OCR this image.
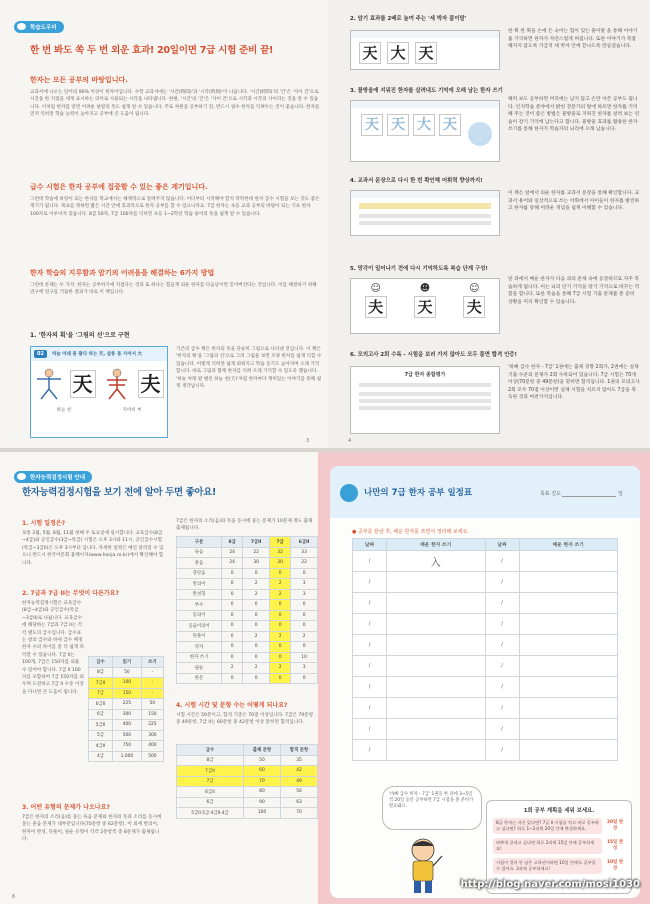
학습도우미
한 번 봐도 쏙 두 번 외운 효과! 20일이면 7급 시험 준비 끝!
한자는 모든 공부의 바탕입니다.
교과서에 나오는 단어의 90% 이상이 한자어입니다. 수학 교과서에는 '시간(時間)'과 '시각(時刻)'이 나옵니다. '시간(時間)'의 '간'은 '사이 간'으로 시간을 한 지점을 세게 표시하는 의미로 사용되는 시각을 나타냅니다. 한편, '시간'의 '간'은 '사이 간'으로 시각과 시각의 사이라는 것을 알 수 있습니다. 이처럼 한자를 알면 어려운 낱말의 뜻도 쉽게 알 수 있습니다. 주로 차원을 공부하기 전, 반드시 필수 한자를 익혀두는 것이 좋습니다. 한자를 먼저 익히면 학습 능력이 높아지고 공부에 큰 도움이 됩니다.
급수 시험은 한자 공부에 집중할 수 있는 좋은 계기입니다.
그런데 학습에 바탕이 되는 한자를 학교에서는 체계적으로 알려주지 않습니다. 어디부터 시작해야 할지 막막한데 한자 급수 시험을 보는 것도 좋은 계기가 됩니다. 목표를 정하면 짧은 시간 안에 효과적으로 한자 공부를 할 수 있으니까요. 7급 한자는 초등 교과 공부의 바탕이 되는 기초 한자 100자로 이루어져 있습니다. 8급 50자, 7급 100자를 익히면 초등 1~2학년 학습 용어의 뜻을 쉽게 알 수 있습니다.
한자 학습의 지루함과 암기의 어려움을 해결하는 6가지 방법
그런데 문제는 두 가지. 한자는 공부하기에 지겹다는 것과 또 하나는 힘들게 외운 한자를 다음날이면 잊어버린다는 것입니다. 이를 해결하기 위해 연구에 연구를 거듭한 결과가 바로 이 책입니다.
1. '한자의 획'을 '그림의 선'으로 구현
02	하늘 아래 몸 팔다 하는 天, 살롱 몸 지어서 大
天 夫
하늘 천	지아비 부
기존의 급수 책은 한자의 뜻을 단순히 그림으로 나타낸 것입니다. 이 책은 '한자의 획'을 '그림의 선'으로 그려 그림을 보면 모양 한자를 쉽게 익힐 수 있습니다. 이렇게 익히면 쉽게 외워지고 학습 동기도 높아지며 오래 기억합니다. 바로 그림과 함께 한자를 익혀 오래 기억할 수 있도록 했습니다. '하늘 아래 팔 벌린 하늘 천(天)'처럼 한자마다 재미있는 이야기를 통해 쉽게 생각납니다.
3
2. 암기 효과를 2배로 높여 주는 '세 박자 풀이말'
天 大 天
한 획 한 획을 손에 든 숙어는 힘이 있는 풀이말 을 통해 이야기를 기억하면 한자가 자연스럽게 써집니다. 또한 이야기가 복잡해지지 않도록 가급적 세 박자 안에 끝나도록 만들었습니다.
3. 물방울에 지워진 한자를 살려내도 기억에 오래 남는 한자 쓰기
天 天 大 天
해커 보도 공부하면 머리에는 남지 않고 손만 아픈 공부도 됩니다. 인지학습 분야에서 밝힌 전문가의 말에 따르면 한자를 기억해 주는 것이 좋은 방법은 물방울로 지워진 한자를 살려 보는 연습이 장기 기억에 남는다고 합니다. 물방울 효과를 활용한 한자 쓰기를 통해 한자가 학습자의 뇌리에 오래 남습니다.
4. 교과서 문장으로 다시 한 번 확인해 어휘력 향상까지!
이 책은 앞에서 외운 한자를 교과서 문장을 통해 확인합니다. 교과서 용어와 일상적으로 쓰는 어휘에서 아이들이 한자를 발견하고 한자를 통해 어려운 개념을 쉽게 이해할 수 있습니다.
5. 망각이 일어나기 전에 다시 기억하도록 복습 단계 구성!
☺	☻	☺
夫 天 夫
앞 과에서 배운 한자가 다음 과의 문제 속에 등장하므로 자주 복습하게 됩니다. 이는 뇌의 단기 기억을 장기 기억으로 바꾸는 역할을 합니다. 또한 복습을 통해 7급 시험 기출 문제를 푼 준비 상황을 미리 확인할 수 있습니다.
6. 모의고사 2회 수록 - 시험을 보러 가지 않아도 모두 풀면 합격 인증!
7급 한자 종합평가
'바빠 급수 한자 - 7급' 1권에는 출제 경향 2회가, 2권에는 실제 기출 수준의 문제가 2회 수록되어 있습니다. 7급 시험은 70개 이상(70문항 중 49문항)을 맞히면 합격입니다. 1권의 모의고사 2회 모두 70점 이상이면 실제 시험을 치르지 않아도 7급을 취득한 것과 마찬가지입니다.
4
한자능력검정시험 안내
한자능력검정시험을 보기 전에 알아 두면 좋아요!
1. 시험 일정은?
보통 2월, 5월, 8월, 11월 첫째 주 토요일에 실시합니다. 교육급수(8급~4급)와 공인급수(3급~특급) 시험은 오후 3시와 11시, 공인급수시험(특급~3급II)은 오후 3시부터 입니다. 자세한 일정은 매년 달라질 수 있으니 반드시 한국어문회 홈페이지(www.hanja.re.kr)에서 확인해야 합니다.
2. 7급과 7급 II는 무엇이 다른가요?
한자능력검정시험은 교육급수(8급~4급)와 공인급수(특급~3급II)로 나뉩니다. 교육급수에 해당하는 7급과 7급 II는 각각 별도의 급수입니다. 급수표는 창의 급수와 하위 급수 배정한자 수의 차이를 좀 더 쉽게 파악할 수 있습니다. 7급 II는 100개, 7급은 150자를 외울 수 있어야 합니다. 7급 II 100자를 포함하여 7급 150자를 외우며 도전하고 7급 II 수준 이상을 다니면 큰 도움이 됩니다.
급수	읽기	쓰기
8급	50	-
7급II	100	-
7급	150	-
6급II	225	50
6급	300	150
5급II	400	225
5급	500	300
4급II	750	400
4급	1,000	500
3. 어떤 유형의 문제가 나오나요?
7급은 한자의 소리(음)를 묻는 독음 문제와 한자의 뜻과 소리를 동시에 묻는 훈음 문제가 대부분입니다(70문항 중 62문항). 이 외에 반의어, 한자어 완성, 뜻풀이, 필순 유형이 각각 2문항씩 총 8문제가 출제됩니다.
7급은 한자의 소리(음)와 뜻을 동시에 묻는 문제가 10문제 정도 출제 출제됩니다.
구분	8급	7급II	7급	6급II
독음	24	22	32	33
훈음	24	30	30	22
장단음	0	0	0	0
반의어	0	2	2	3
완성형	0	2	2	3
부수	0	0	0	0
동의어	0	0	0	0
동음이의어	0	0	0	0
뜻풀이	0	2	2	2
약자	0	0	0	0
한자 쓰기	0	0	0	10
필순	2	2	2	3
한문	0	0	0	0
4. 시험 시간 및 문항 수는 어떻게 되나요?
시험 시간은 50분이고, 합격 기준은 70점 이상입니다. 7급은 70문항 중 49문항, 7급 II는 60문항 중 42문항 이상 맞히면 합격입니다.
급수	출제 문항	합격 문항
8급	50	35
7급II	60	42
7급	70	49
6급II	80	56
6급	90	63
5급II·5급·4급II·4급	100	70
6
나만의 7급 한자 공부 일정표	목표 진도	일
● 공부를 끝낸 후, 배운 한자를 쓰면서 정리해 보세요.
날짜	배운 한자 쓰기	날짜	배운 한자 쓰기
/	入	/	
/		/	
/		/	
/		/	
/		/	
/		/	
/		/	
/		/	
/		/	
/		/	
'바빠 급수 한자 - 7급' 1권을 한 과에 3~5일씩 20일 동안 공부하면 7급 시험을 볼 준비가 완료돼요.
1회 공부 계획을 세워 보세요.
8급 한자는 자신 있다면? 7급 II 시험을 치고 바로 공부하고 싶다면? 하루 1~2과씩 20일 안에 완성하세요.
20일 완성
바쁘게 끝내고 싶다면 하루 2과씩 15일 안에 공부하세요!
15일 완성
시험이 얼마 안 남은 고학년이라면 10일 안에도 공부할 수 있어요. 3과씩 공부하세요!
10일 완성
http://blog.naver.com/mosi1030
